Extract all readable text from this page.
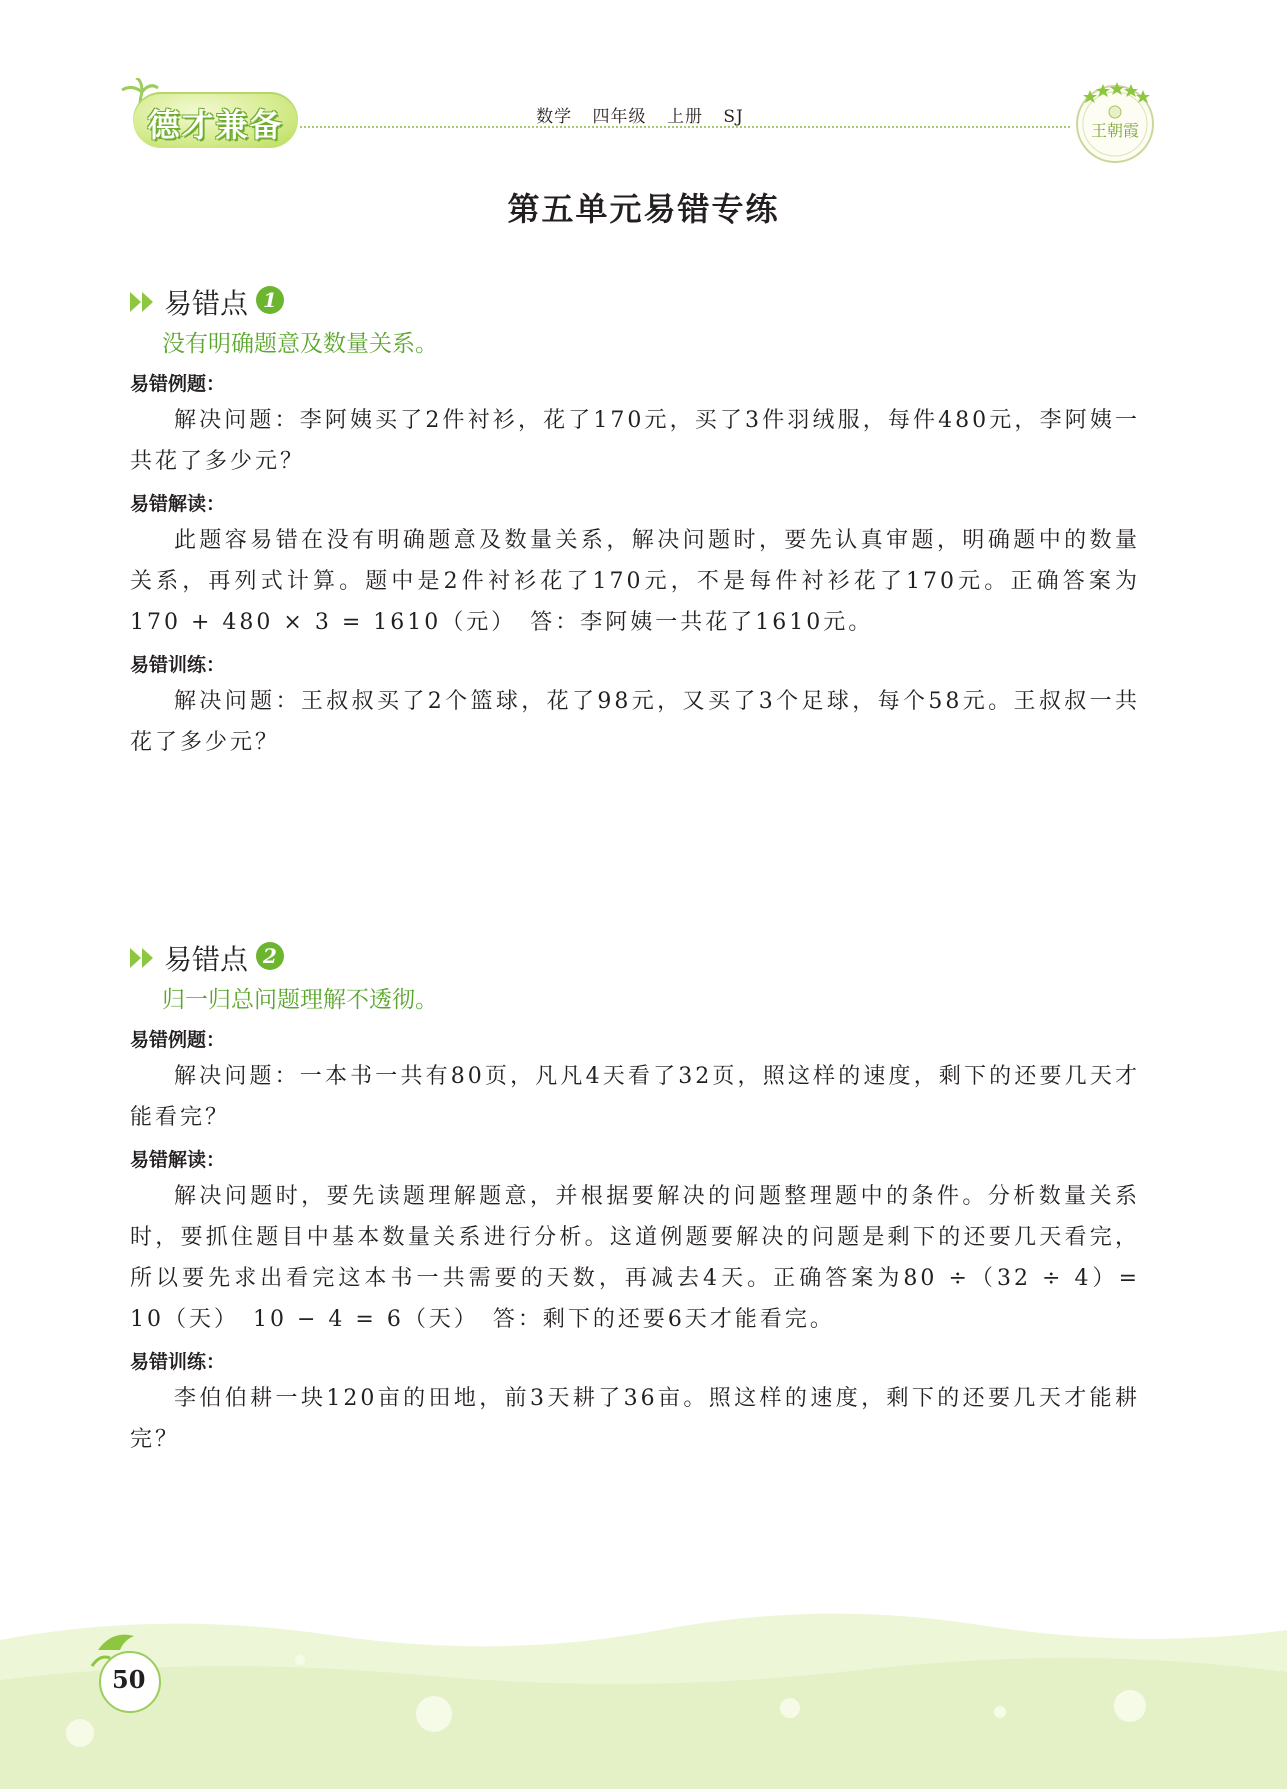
德才兼备	数学 四年级 上册 SJ
王朝霞
第五单元易错专练
易错点 1
没有明确题意及数量关系。
易错例题：
解决问题：李阿姨买了2件衬衫，花了170元，买了3件羽绒服，每件480元，李阿姨一共花了多少元？
易错解读：
此题容易错在没有明确题意及数量关系，解决问题时，要先认真审题，明确题中的数量关系，再列式计算。题中是2件衬衫花了170元，不是每件衬衫花了170元。正确答案为170 + 480 × 3 = 1610（元）　答：李阿姨一共花了1610元。
易错训练：
解决问题：王叔叔买了2个篮球，花了98元，又买了3个足球，每个58元。王叔叔一共花了多少元？
易错点 2
归一归总问题理解不透彻。
易错例题：
解决问题：一本书一共有80页，凡凡4天看了32页，照这样的速度，剩下的还要几天才能看完？
易错解读：
解决问题时，要先读题理解题意，并根据要解决的问题整理题中的条件。分析数量关系时，要抓住题目中基本数量关系进行分析。这道例题要解决的问题是剩下的还要几天看完，所以要先求出看完这本书一共需要的天数，再减去4天。正确答案为80 ÷（32 ÷ 4）= 10（天）　10 − 4 = 6（天）　答：剩下的还要6天才能看完。
易错训练：
李伯伯耕一块120亩的田地，前3天耕了36亩。照这样的速度，剩下的还要几天才能耕完？
50
